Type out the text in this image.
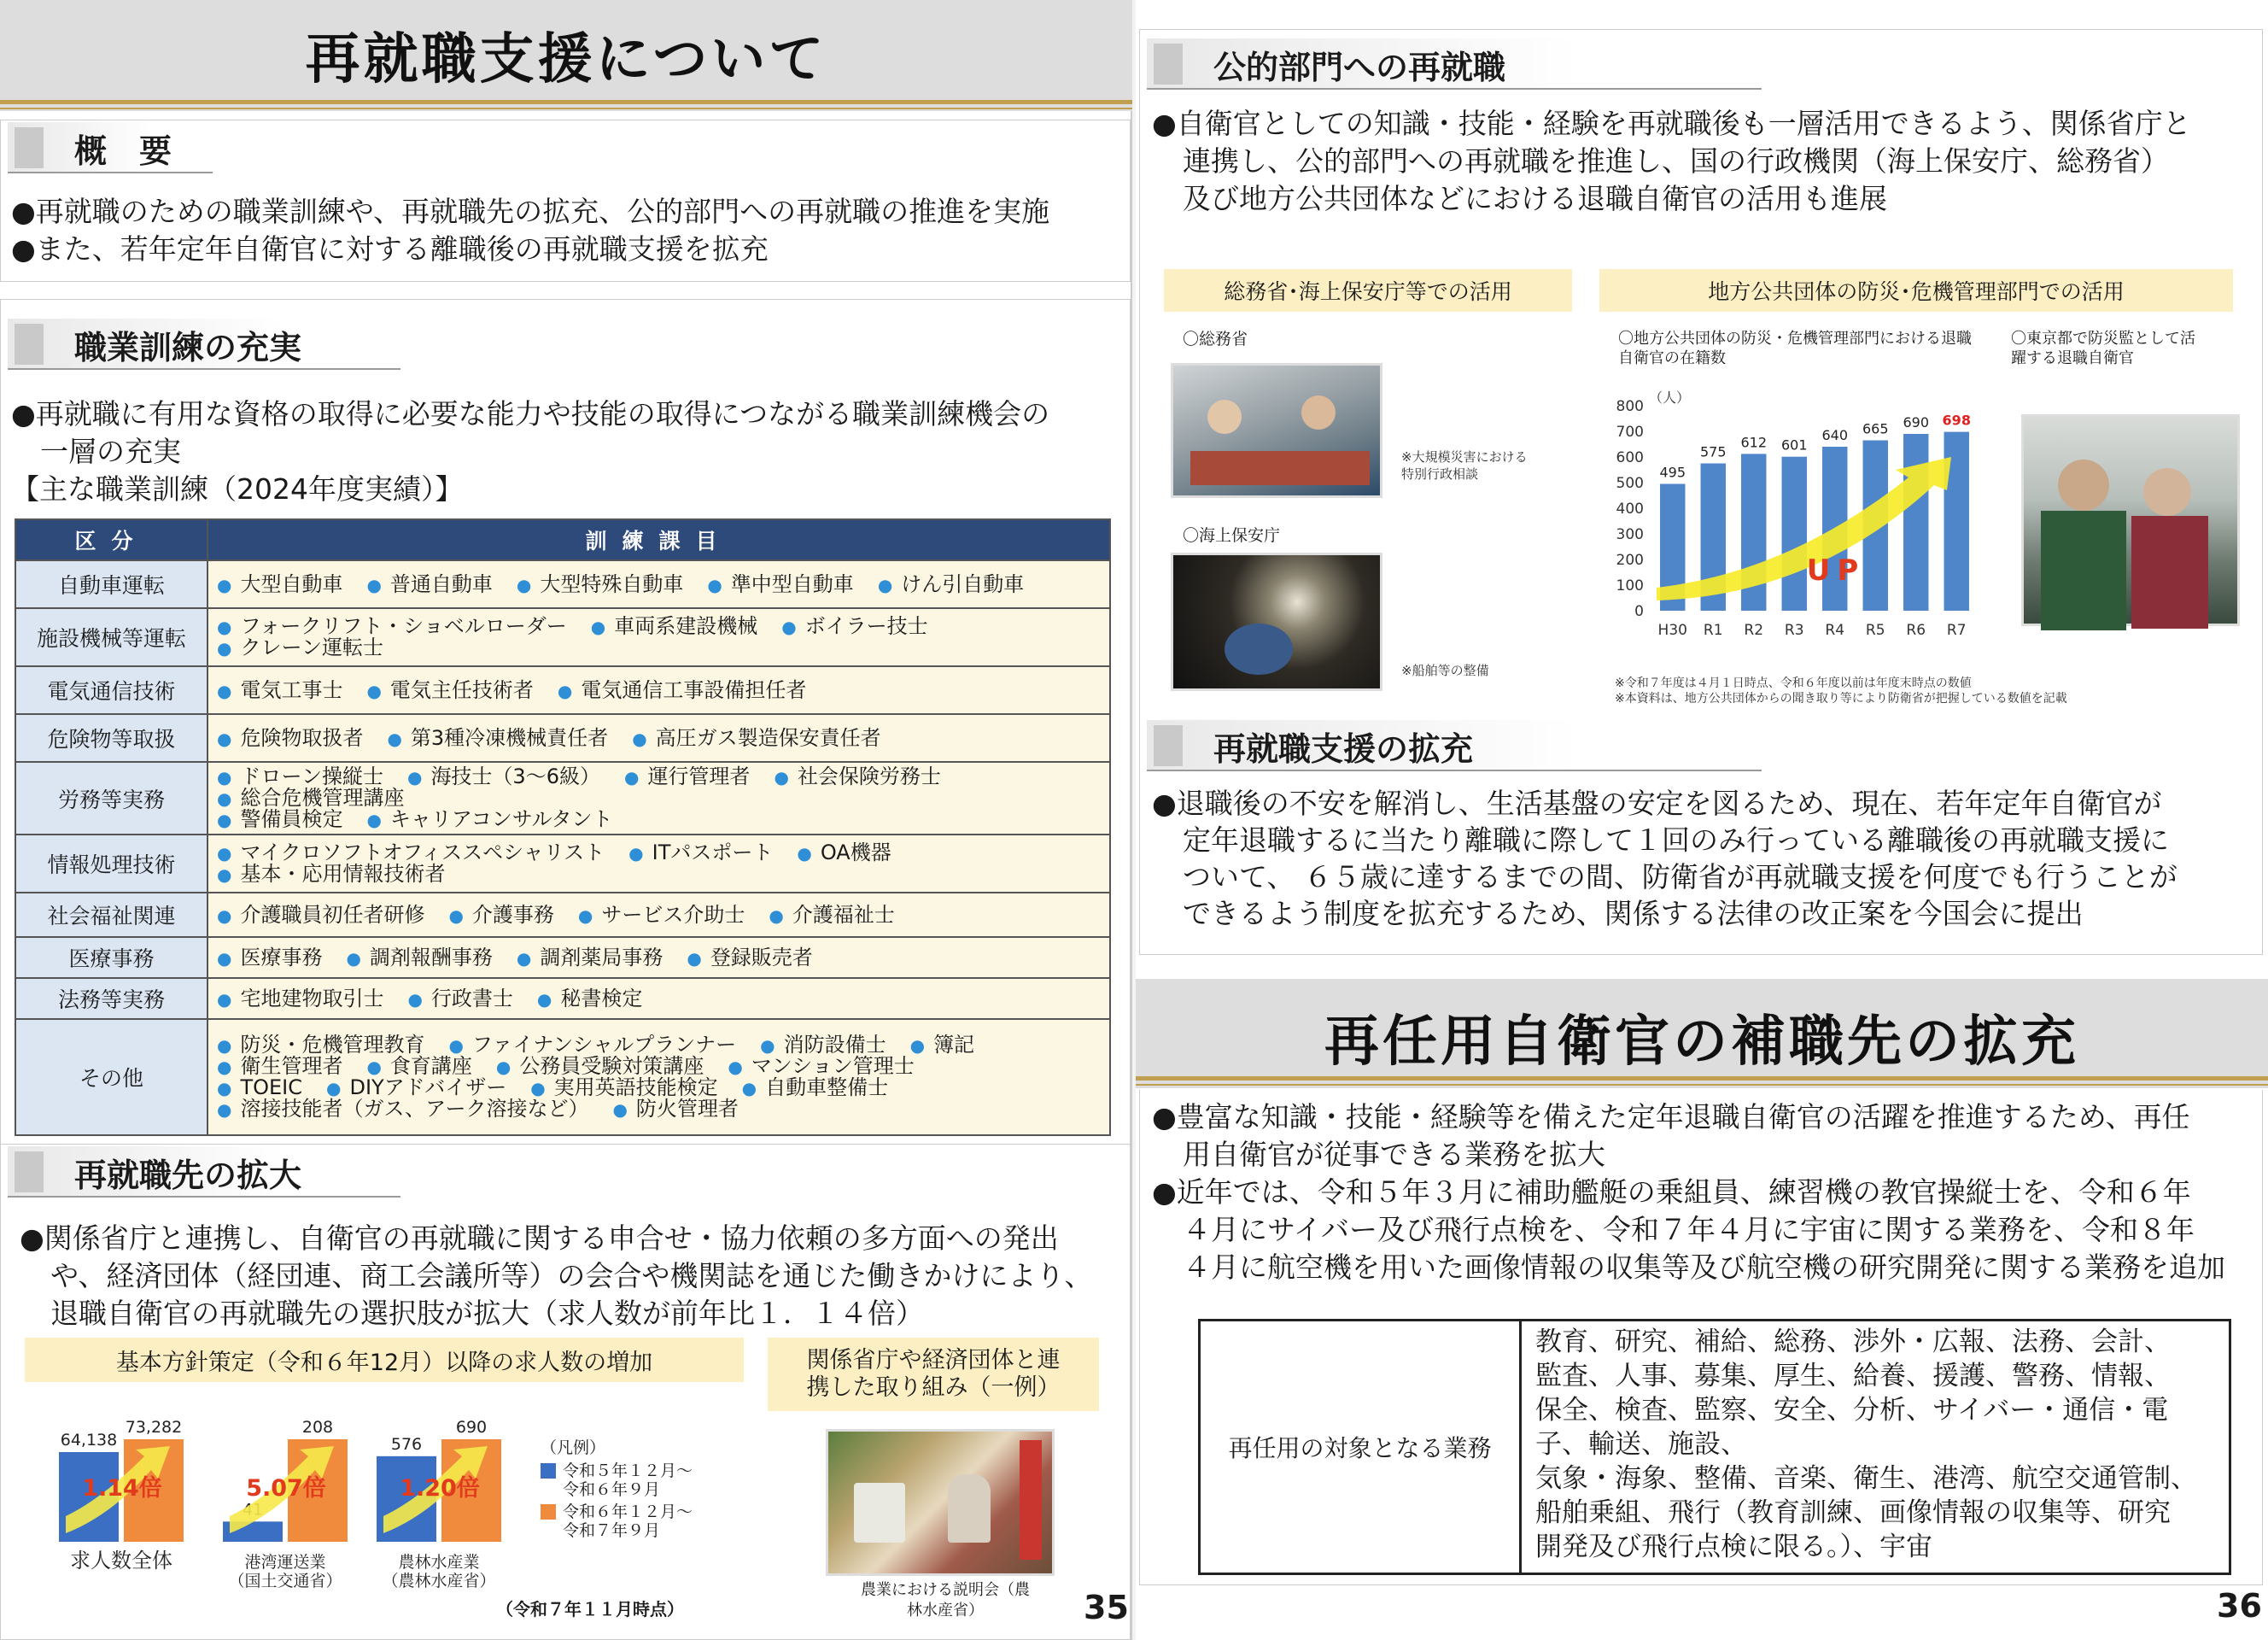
再就職支援について
概　要
●再就職のための職業訓練や、再就職先の拡充、公的部門への再就職の推進を実施
●また、若年定年自衛官に対する離職後の再就職支援を拡充
職業訓練の充実
●再就職に有用な資格の取得に必要な能力や技能の取得につながる職業訓練機会の
一層の充実
【主な職業訓練（2024年度実績）】
区分	訓練課目
自動車運転	● 大型自動車 ● 普通自動車 ● 大型特殊自動車 ● 準中型自動車 ● けん引自動車

施設機械等運転	● フォークリフト・ショベルローダー ● 車両系建設機械 ● ボイラー技士
● クレーン運転士

電気通信技術	● 電気工事士 ● 電気主任技術者 ● 電気通信工事設備担任者

危険物等取扱	● 危険物取扱者 ● 第3種冷凍機械責任者 ● 高圧ガス製造保安責任者

労務等実務	● ドローン操縦士 ● 海技士（3～6級） ● 運行管理者 ● 社会保険労務士
● 総合危機管理講座
● 警備員検定 ● キャリアコンサルタント

情報処理技術	● マイクロソフトオフィススペシャリスト ● ITパスポート ● OA機器
● 基本・応用情報技術者

社会福祉関連	● 介護職員初任者研修 ● 介護事務 ● サービス介助士 ● 介護福祉士

医療事務	● 医療事務 ● 調剤報酬事務 ● 調剤薬局事務 ● 登録販売者

法務等実務	● 宅地建物取引士 ● 行政書士 ● 秘書検定

その他	● 防災・危機管理教育 ● ファイナンシャルプランナー ● 消防設備士 ● 簿記
● 衛生管理者 ● 食育講座 ● 公務員受験対策講座 ● マンション管理士
● TOEIC ● DIYアドバイザー ● 実用英語技能検定 ● 自動車整備士
● 溶接技能者（ガス、アーク溶接など） ● 防火管理者
再就職先の拡大
●関係省庁と連携し、自衛官の再就職に関する申合せ・協力依頼の多方面への発出
や、経済団体（経団連、商工会議所等）の会合や機関誌を通じた働きかけにより、
退職自衛官の再就職先の選択肢が拡大（求人数が前年比１．１４倍）
基本方針策定（令和６年12月）以降の求人数の増加	関係省庁や経済団体と連携した取り組み（一例）
64,138
73,282
1.14倍
求人数全体
208
5.07倍
港湾運送業
（国土交通省）
576
690
1.20倍
農林水産業
（農林水産省）
（凡例）
令和５年１２月～令和６年９月
令和６年１２月～令和７年９月
農業における説明会（農林水産省）
（令和７年１１月時点）	35
公的部門への再就職
●自衛官としての知識・技能・経験を再就職後も一層活用できるよう、関係省庁と
連携し、公的部門への再就職を推進し、国の行政機関（海上保安庁、総務省）
及び地方公共団体などにおける退職自衛官の活用も進展
総務省･海上保安庁等での活用	地方公共団体の防災･危機管理部門での活用
〇総務省
※大規模災害における特別行政相談
〇海上保安庁
※船舶等の整備
〇地方公共団体の防災・危機管理部門における退職自衛官の在籍数
〇東京都で防災監として活躍する退職自衛官
（人）
0
100
200
300
400
500
600
700
800
495
H30
575
R1
612
R2
601
R3
640
R4
665
R5
690
R6
698
R7
UP
※令和７年度は４月１日時点、令和６年度以前は年度末時点の数値
※本資料は、地方公共団体からの聞き取り等により防衛省が把握している数値を記載
再就職支援の拡充
●退職後の不安を解消し、生活基盤の安定を図るため、現在、若年定年自衛官が
定年退職するに当たり離職に際して１回のみ行っている離職後の再就職支援に
ついて、 ６５歳に達するまでの間、防衛省が再就職支援を何度でも行うことが
できるよう制度を拡充するため、関係する法律の改正案を今国会に提出
再任用自衛官の補職先の拡充
●豊富な知識・技能・経験等を備えた定年退職自衛官の活躍を推進するため、再任
用自衛官が従事できる業務を拡大
●近年では、令和５年３月に補助艦艇の乗組員、練習機の教官操縦士を、令和６年
４月にサイバー及び飛行点検を、令和７年４月に宇宙に関する業務を、令和８年
４月に航空機を用いた画像情報の収集等及び航空機の研究開発に関する業務を追加
再任用の対象となる業務
教育、研究、補給、総務、渉外・広報、法務、会計、
監査、人事、募集、厚生、給養、援護、警務、情報、
保全、検査、監察、安全、分析、サイバー・通信・電
子、輸送、施設、
気象・海象、整備、音楽、衛生、港湾、航空交通管制、
船舶乗組、飛行（教育訓練、画像情報の収集等、研究
開発及び飛行点検に限る。）、宇宙
36
